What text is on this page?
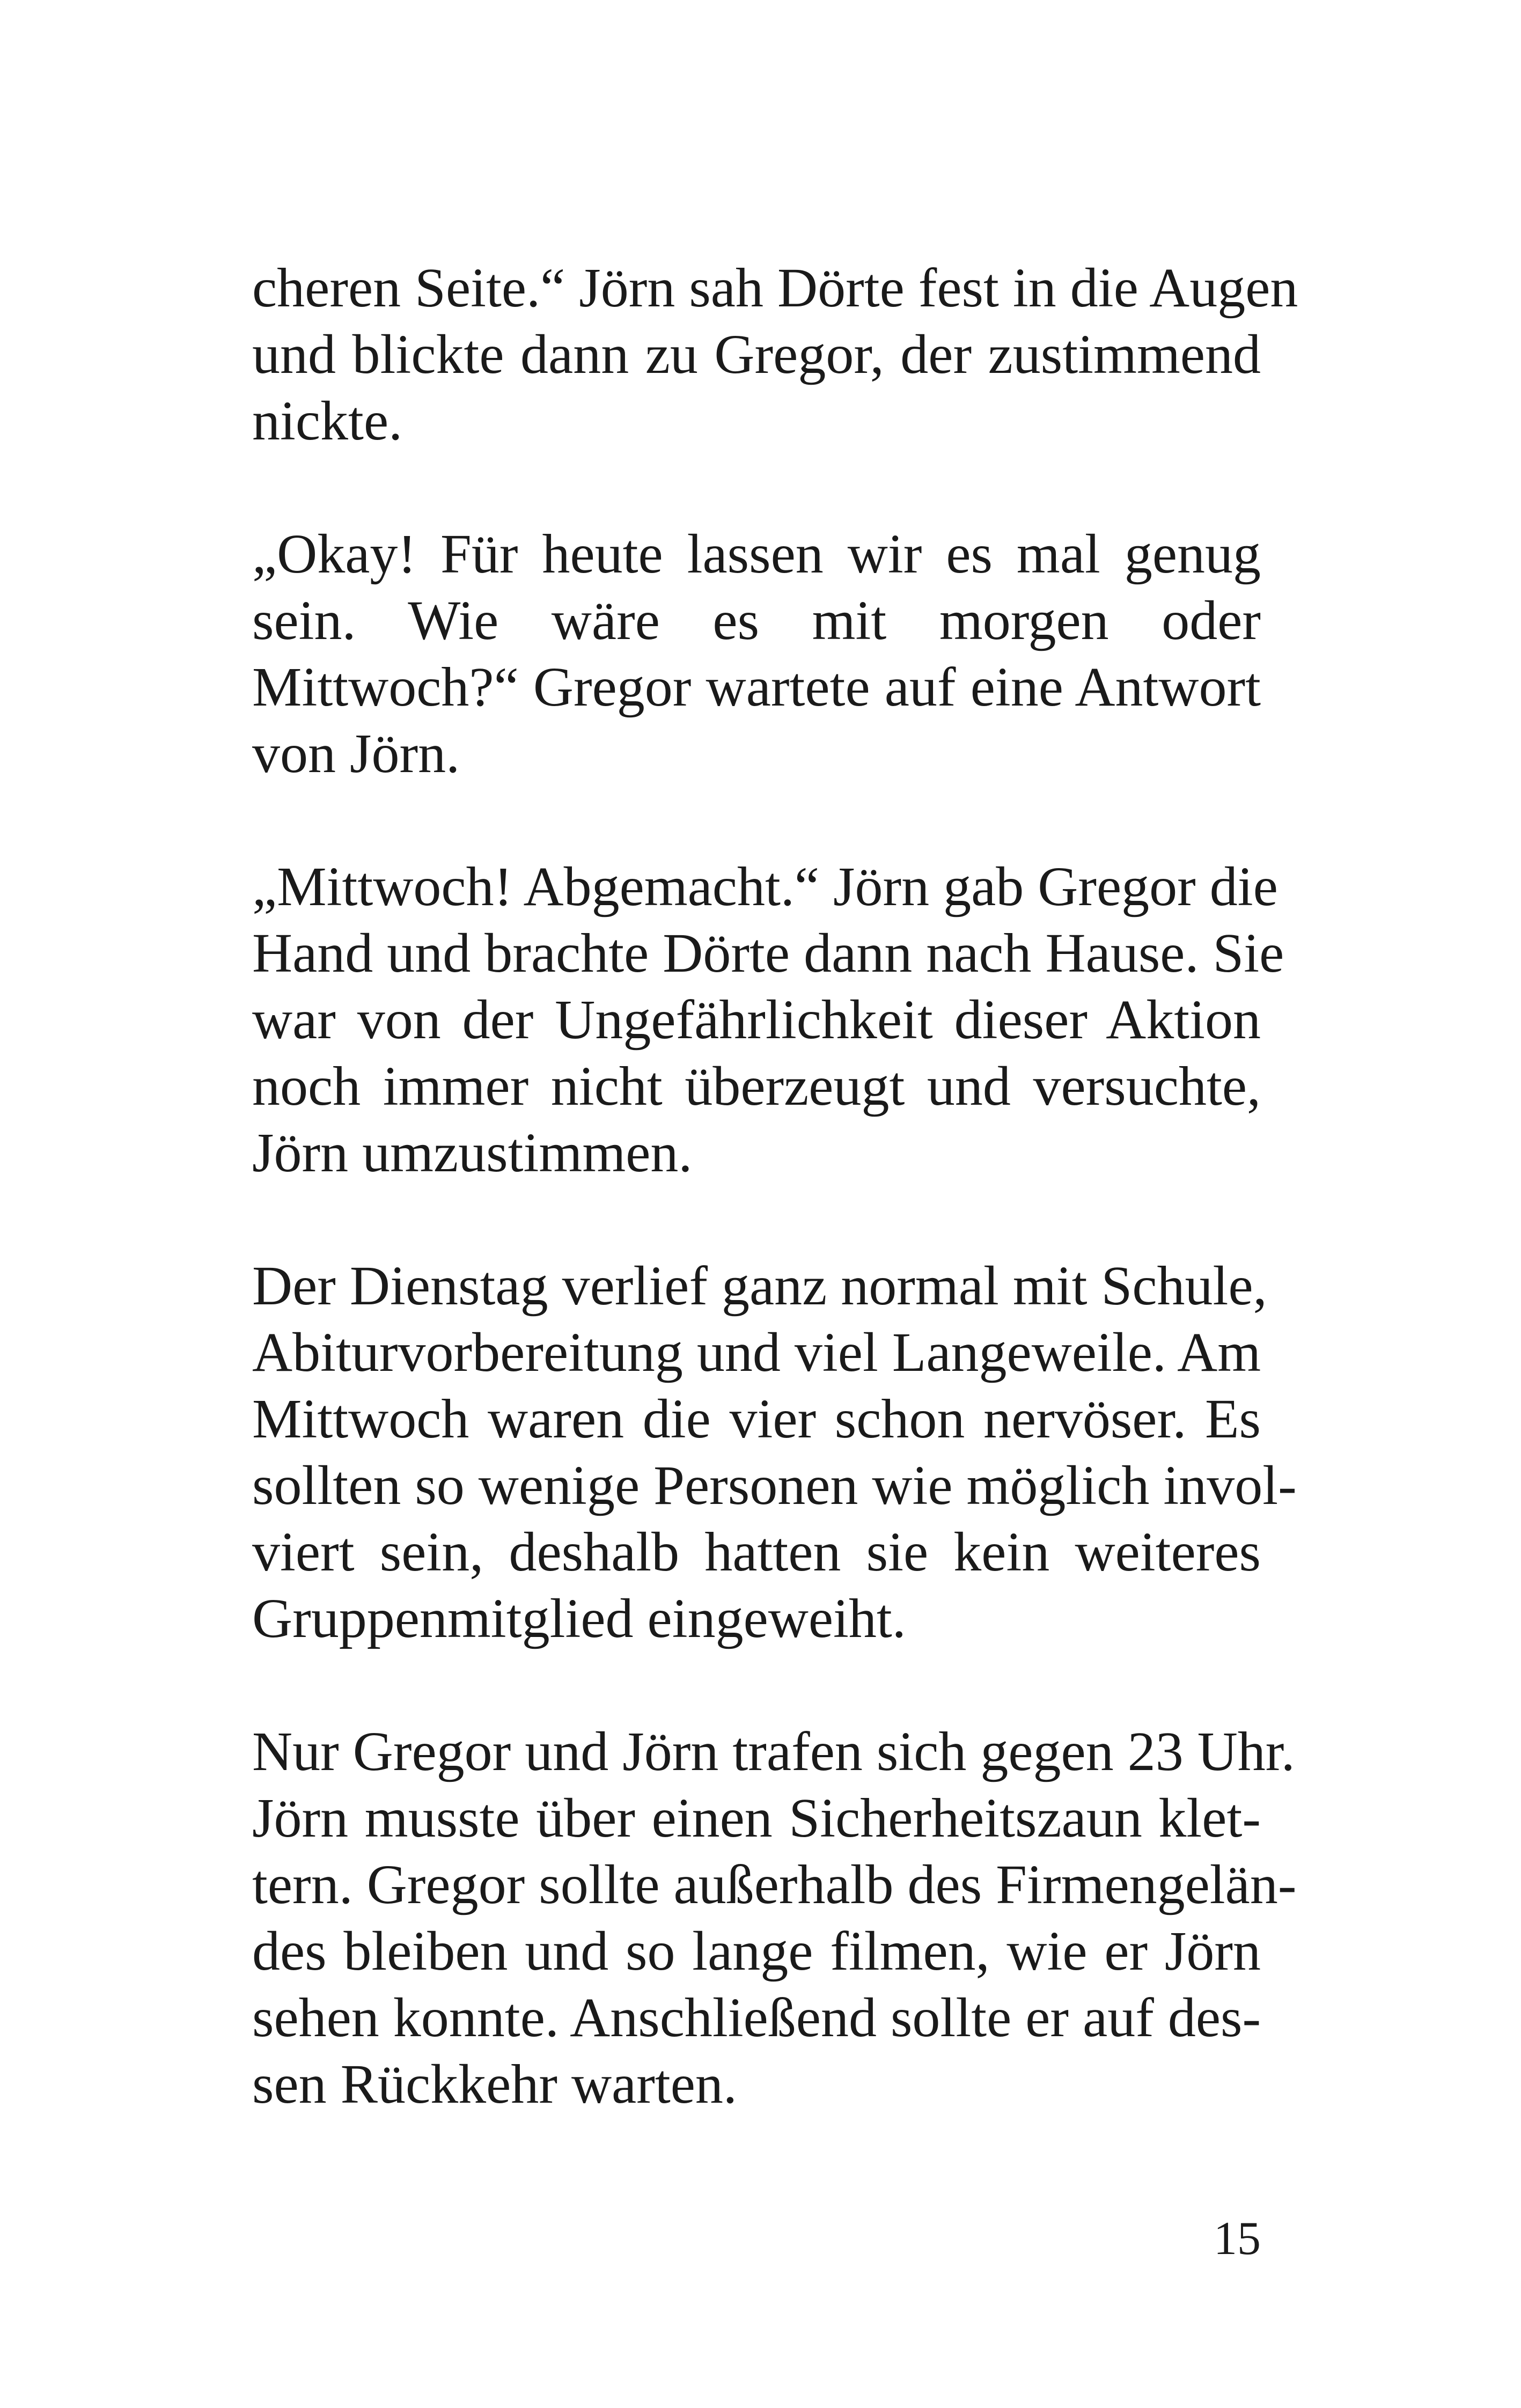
cheren Seite.“ Jörn sah Dörte fest in die Augen
und blickte dann zu Gregor, der zustimmend
nickte.
„Okay! Für heute lassen wir es mal genug
sein. Wie wäre es mit morgen oder
Mittwoch?“ Gregor wartete auf eine Antwort
von Jörn.
„Mittwoch! Abgemacht.“ Jörn gab Gregor die
Hand und brachte Dörte dann nach Hause. Sie
war von der Ungefährlichkeit dieser Aktion
noch immer nicht überzeugt und versuchte,
Jörn umzustimmen.
Der Dienstag verlief ganz normal mit Schule,
Abiturvorbereitung und viel Langeweile. Am
Mittwoch waren die vier schon nervöser. Es
sollten so wenige Personen wie möglich invol-
viert sein, deshalb hatten sie kein weiteres
Gruppenmitglied eingeweiht.
Nur Gregor und Jörn trafen sich gegen 23 Uhr.
Jörn musste über einen Sicherheitszaun klet-
tern. Gregor sollte außerhalb des Firmengelän-
des bleiben und so lange filmen, wie er Jörn
sehen konnte. Anschließend sollte er auf des-
sen Rückkehr warten.
15
